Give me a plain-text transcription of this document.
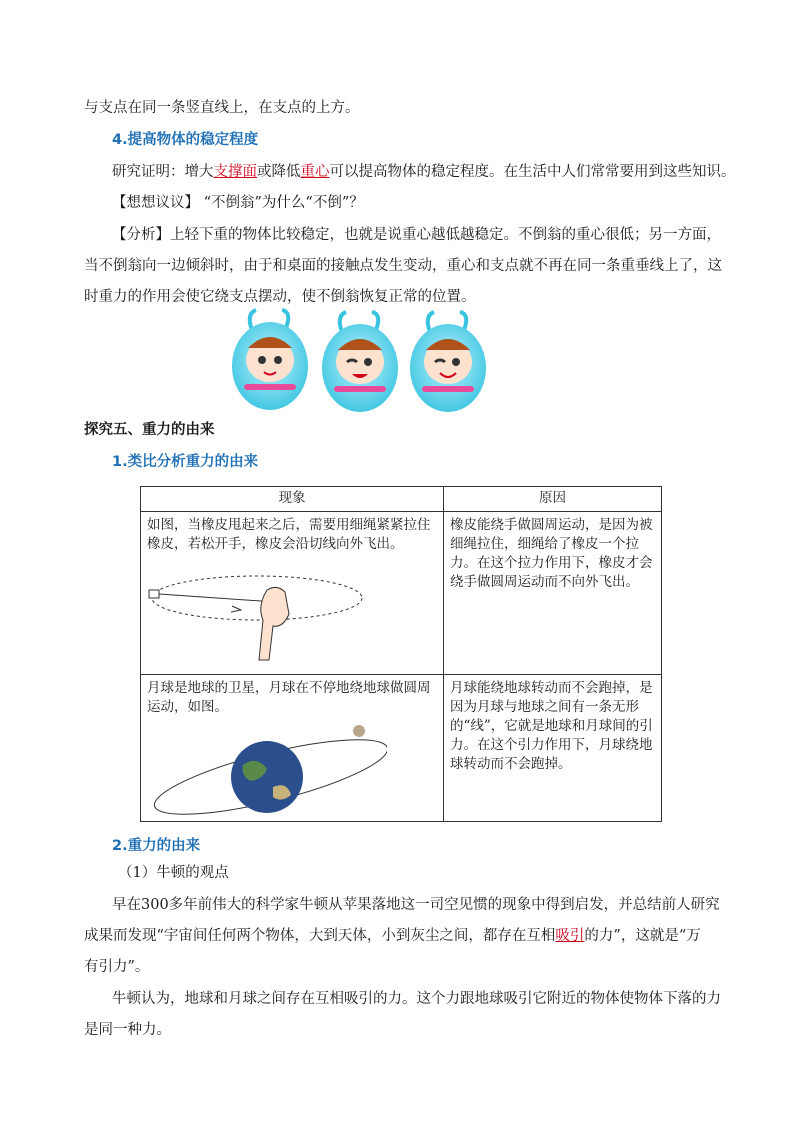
与支点在同一条竖直线上，在支点的上方。
4.提高物体的稳定程度
研究证明：增大支撑面或降低重心可以提高物体的稳定程度。在生活中人们常常要用到这些知识。
【想想议议】 “不倒翁”为什么“不倒”？
【分析】上轻下重的物体比较稳定，也就是说重心越低越稳定。不倒翁的重心很低；另一方面，
当不倒翁向一边倾斜时，由于和桌面的接触点发生变动，重心和支点就不再在同一条重垂线上了，这
时重力的作用会使它绕支点摆动，使不倒翁恢复正常的位置。
探究五、重力的由来
1.类比分析重力的由来
现象	原因

如图，当橡皮甩起来之后，需要用细绳紧紧拉住橡皮，若松开手，橡皮会沿切线向外飞出。	橡皮能绕手做圆周运动，是因为被细绳拉住，细绳给了橡皮一个拉力。在这个拉力作用下，橡皮才会绕手做圆周运动而不向外飞出。

月球是地球的卫星，月球在不停地绕地球做圆周运动，如图。	月球能绕地球转动而不会跑掉，是因为月球与地球之间有一条无形的“线”，它就是地球和月球间的引力。在这个引力作用下，月球绕地球转动而不会跑掉。
2.重力的由来
（1）牛顿的观点
早在300多年前伟大的科学家牛顿从苹果落地这一司空见惯的现象中得到启发，并总结前人研究
成果而发现“宇宙间任何两个物体，大到天体，小到灰尘之间，都存在互相吸引的力”，这就是“万
有引力”。
牛顿认为，地球和月球之间存在互相吸引的力。这个力跟地球吸引它附近的物体使物体下落的力
是同一种力。
